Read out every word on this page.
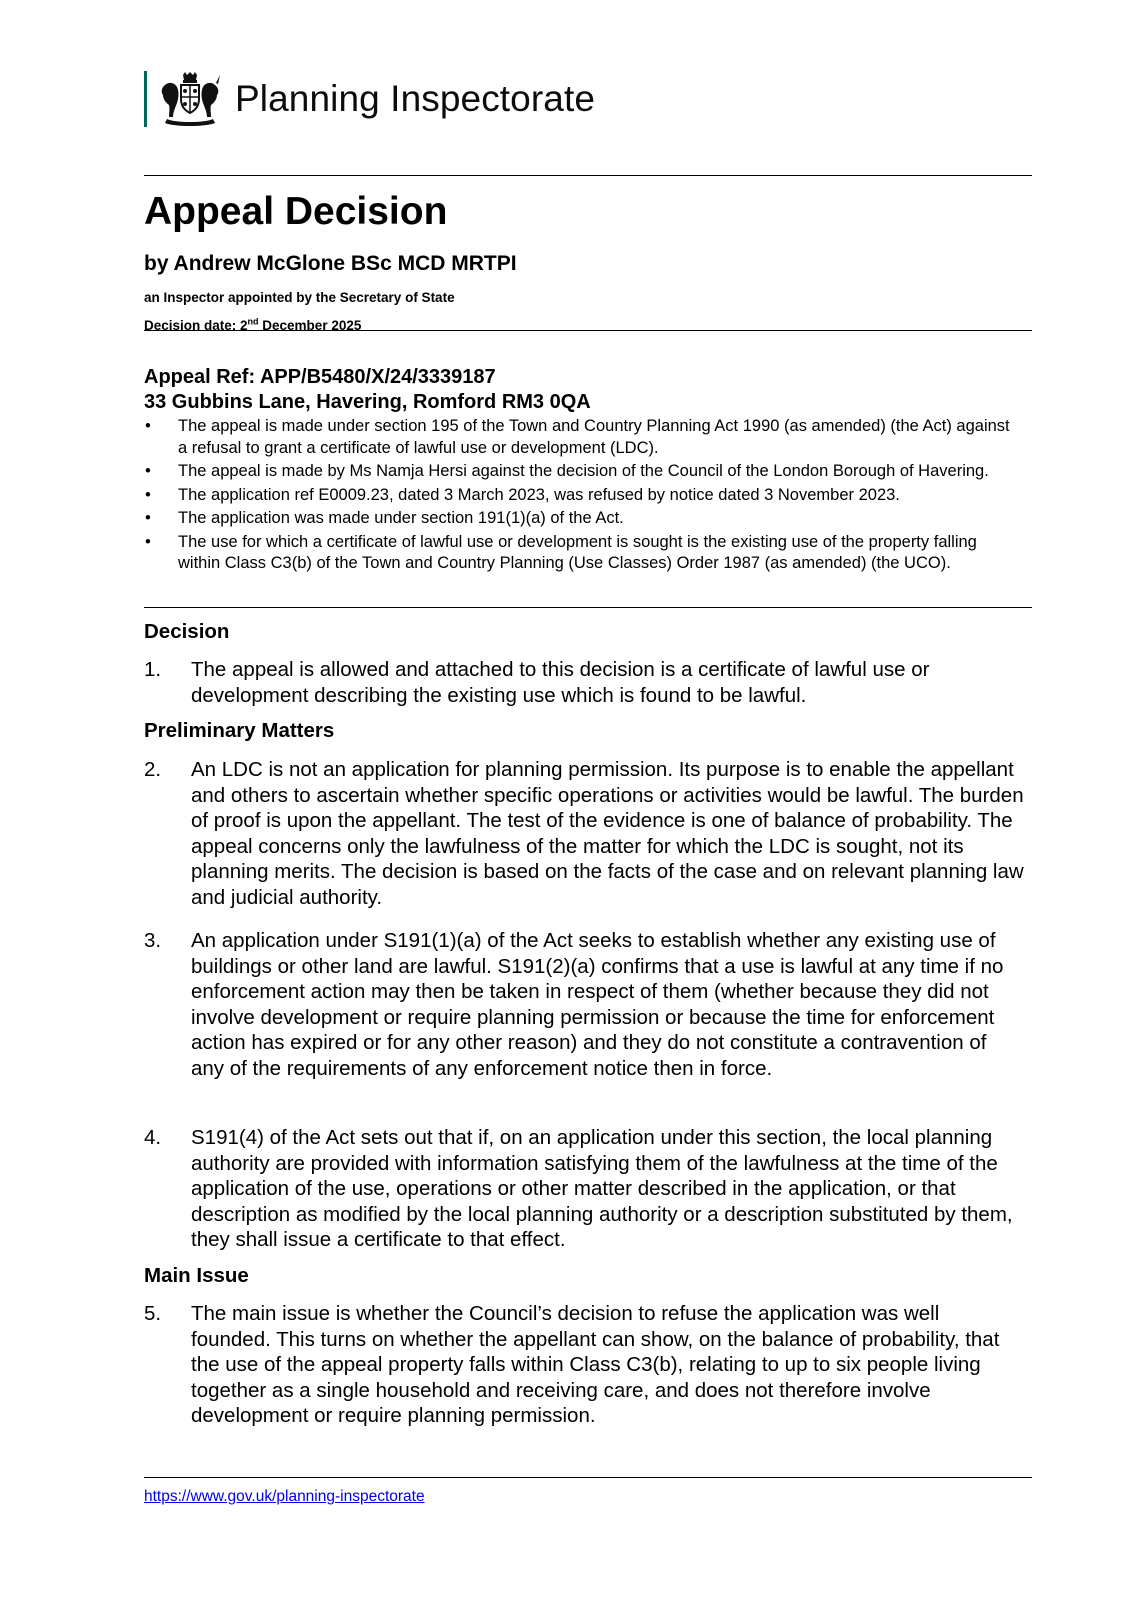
Planning Inspectorate
Appeal Decision
by Andrew McGlone BSc MCD MRTPI
an Inspector appointed by the Secretary of State
Decision date: 2nd December 2025
Appeal Ref: APP/B5480/X/24/3339187
33 Gubbins Lane, Havering, Romford RM3 0QA
• The appeal is made under section 195 of the Town and Country Planning Act 1990 (as amended) (the Act) against a refusal to grant a certificate of lawful use or development (LDC).
• The appeal is made by Ms Namja Hersi against the decision of the Council of the London Borough of Havering.
• The application ref E0009.23, dated 3 March 2023, was refused by notice dated 3 November 2023.
• The application was made under section 191(1)(a) of the Act.
• The use for which a certificate of lawful use or development is sought is the existing use of the property falling within Class C3(b) of the Town and Country Planning (Use Classes) Order 1987 (as amended) (the UCO).
Decision
1. The appeal is allowed and attached to this decision is a certificate of lawful use or development describing the existing use which is found to be lawful.
Preliminary Matters
2. An LDC is not an application for planning permission. Its purpose is to enable the appellant and others to ascertain whether specific operations or activities would be lawful. The burden of proof is upon the appellant. The test of the evidence is one of balance of probability. The appeal concerns only the lawfulness of the matter for which the LDC is sought, not its planning merits. The decision is based on the facts of the case and on relevant planning law and judicial authority.
3. An application under S191(1)(a) of the Act seeks to establish whether any existing use of buildings or other land are lawful. S191(2)(a) confirms that a use is lawful at any time if no enforcement action may then be taken in respect of them (whether because they did not involve development or require planning permission or because the time for enforcement action has expired or for any other reason) and they do not constitute a contravention of any of the requirements of any enforcement notice then in force.
4. S191(4) of the Act sets out that if, on an application under this section, the local planning authority are provided with information satisfying them of the lawfulness at the time of the application of the use, operations or other matter described in the application, or that description as modified by the local planning authority or a description substituted by them, they shall issue a certificate to that effect.
Main Issue
5. The main issue is whether the Council’s decision to refuse the application was well founded. This turns on whether the appellant can show, on the balance of probability, that the use of the appeal property falls within Class C3(b), relating to up to six people living together as a single household and receiving care, and does not therefore involve development or require planning permission.
https://www.gov.uk/planning-inspectorate
